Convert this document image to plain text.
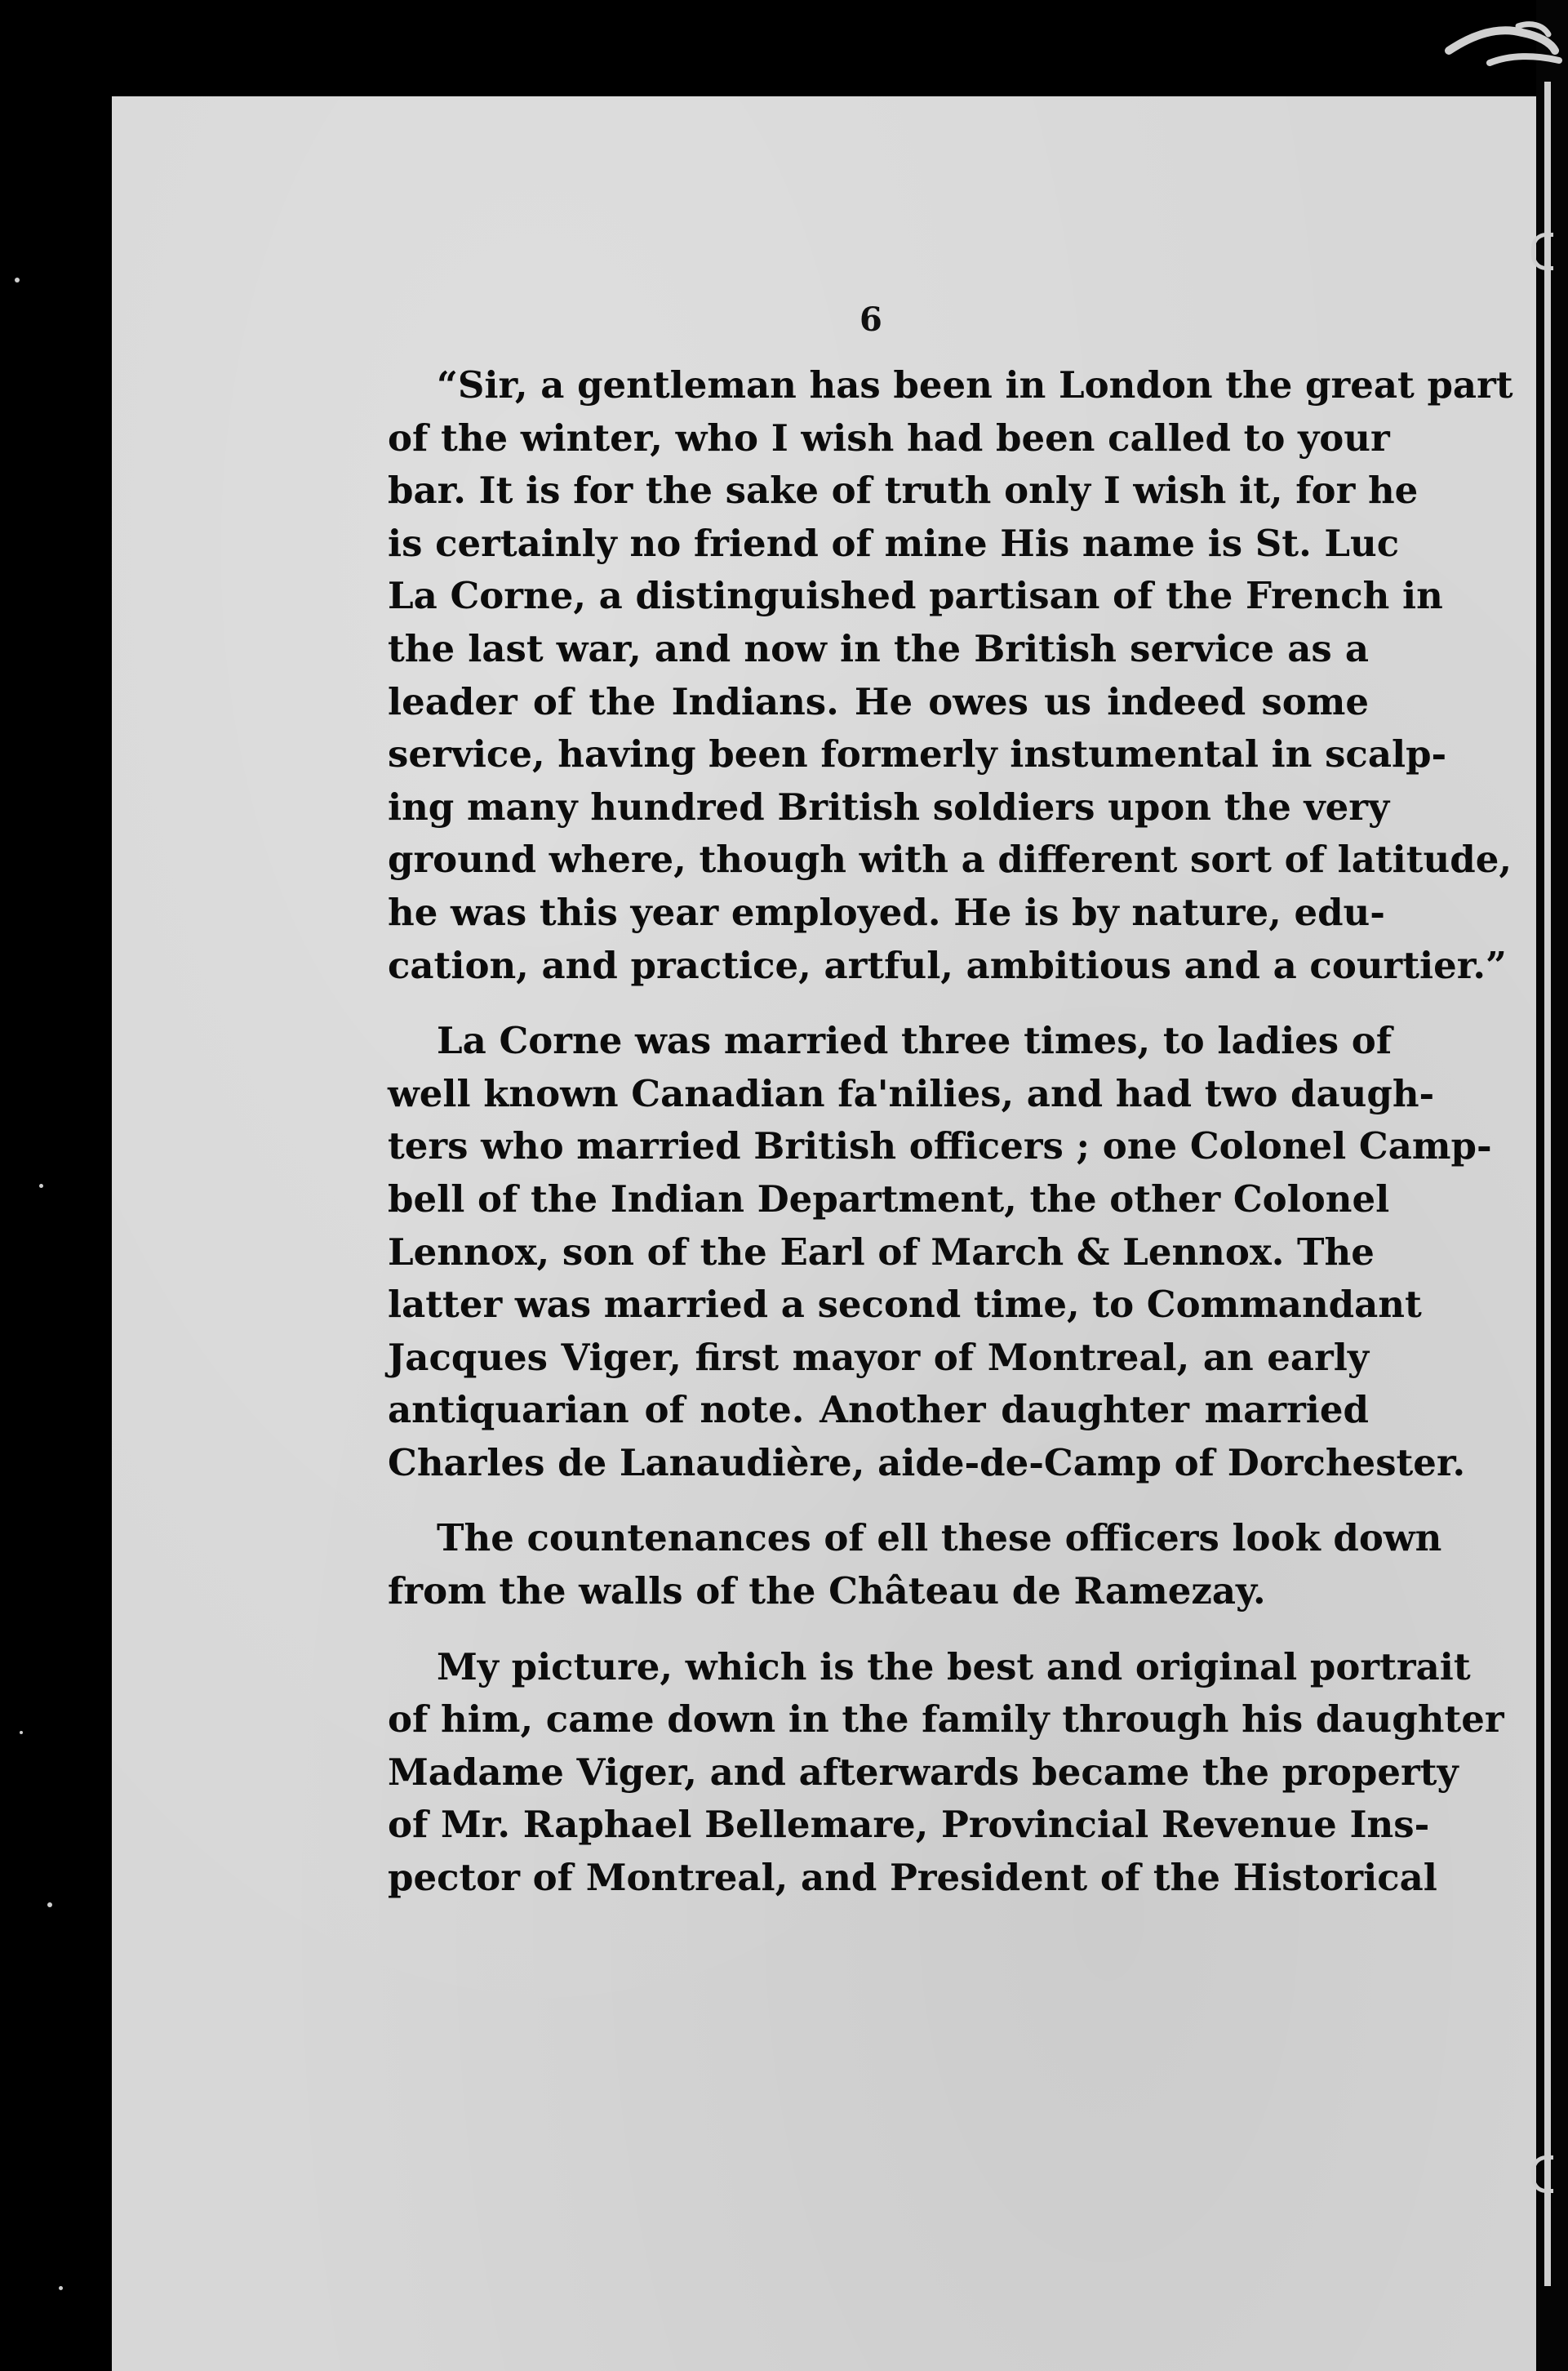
6
“Sir, a gentleman has been in London the great part
of the winter, who I wish had been called to your
bar. It is for the sake of truth only I wish it, for he
is certainly no friend of mine His name is St. Luc
La Corne, a distinguished partisan of the French in
the last war, and now in the British service as a
leader of the Indians. He owes us indeed some
service, having been formerly instumental in scalp-
ing many hundred British soldiers upon the very
ground where, though with a different sort of latitude,
he was this year employed. He is by nature, edu-
cation, and practice, artful, ambitious and a courtier.”
La Corne was married three times, to ladies of
well known Canadian fa'nilies, and had two daugh-
ters who married British officers ; one Colonel Camp-
bell of the Indian Department, the other Colonel
Lennox, son of the Earl of March & Lennox. The
latter was married a second time, to Commandant
Jacques Viger, first mayor of Montreal, an early
antiquarian of note. Another daughter married
Charles de Lanaudière, aide-de-Camp of Dorchester.
The countenances of ell these officers look down
from the walls of the Château de Ramezay.
My picture, which is the best and original portrait
of him, came down in the family through his daughter
Madame Viger, and afterwards became the property
of Mr. Raphael Bellemare, Provincial Revenue Ins-
pector of Montreal, and President of the Historical
